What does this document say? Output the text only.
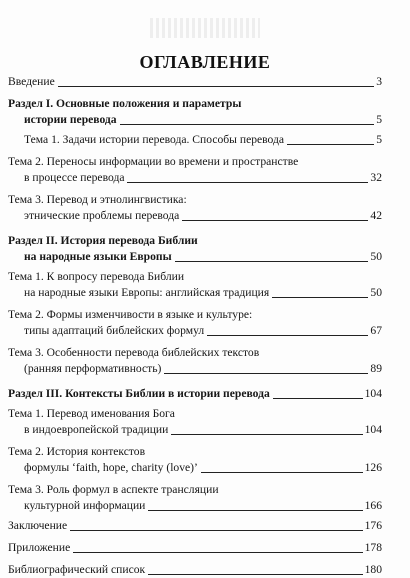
ОГЛАВЛЕНИЕ
Введение	3
Раздел I. Основные положения и параметры
истории перевода	5
Тема 1. Задачи истории перевода. Способы перевода	5
Тема 2. Переносы информации во времени и пространстве
в процессе перевода	32
Тема 3. Перевод и этнолингвистика:
этнические проблемы перевода	42
Раздел II. История перевода Библии
на народные языки Европы	50
Тема 1. К вопросу перевода Библии
на народные языки Европы: английская традиция	50
Тема 2. Формы изменчивости в языке и культуре:
типы адаптаций библейских формул	67
Тема 3. Особенности перевода библейских текстов
(ранняя перформативность)	89
Раздел III. Контексты Библии в истории перевода	104
Тема 1. Перевод именования Бога
в индоевропейской традиции	104
Тема 2. История контекстов
формулы ‘faith, hope, charity (love)’	126
Тема 3. Роль формул в аспекте трансляции
культурной информации	166
Заключение	176
Приложение	178
Библиографический список	180
